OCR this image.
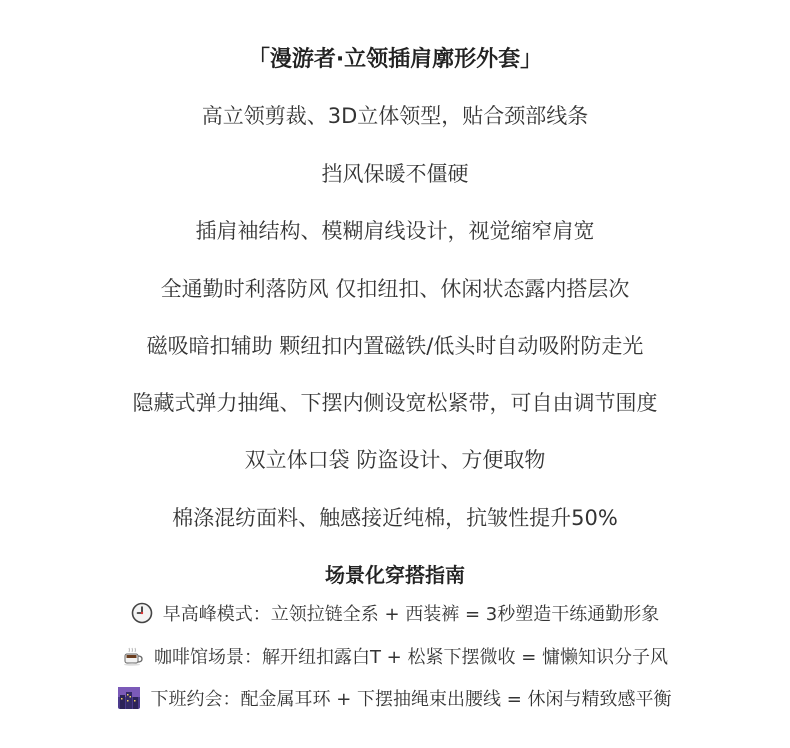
「漫游者·立领插肩廓形外套」
高立领剪裁、3D立体领型，贴合颈部线条
挡风保暖不僵硬
插肩袖结构、模糊肩线设计，视觉缩窄肩宽
全通勤时利落防风 仅扣纽扣、休闲状态露内搭层次
磁吸暗扣辅助 颗纽扣内置磁铁/低头时自动吸附防走光
隐藏式弹力抽绳、下摆内侧设宽松紧带，可自由调节围度
双立体口袋 防盗设计、方便取物
棉涤混纺面料、触感接近纯棉，抗皱性提升50%
场景化穿搭指南
早高峰模式：立领拉链全系 + 西装裤 = 3秒塑造干练通勤形象
咖啡馆场景：解开纽扣露白T + 松紧下摆微收 = 慵懒知识分子风
下班约会：配金属耳环 + 下摆抽绳束出腰线 = 休闲与精致感平衡
